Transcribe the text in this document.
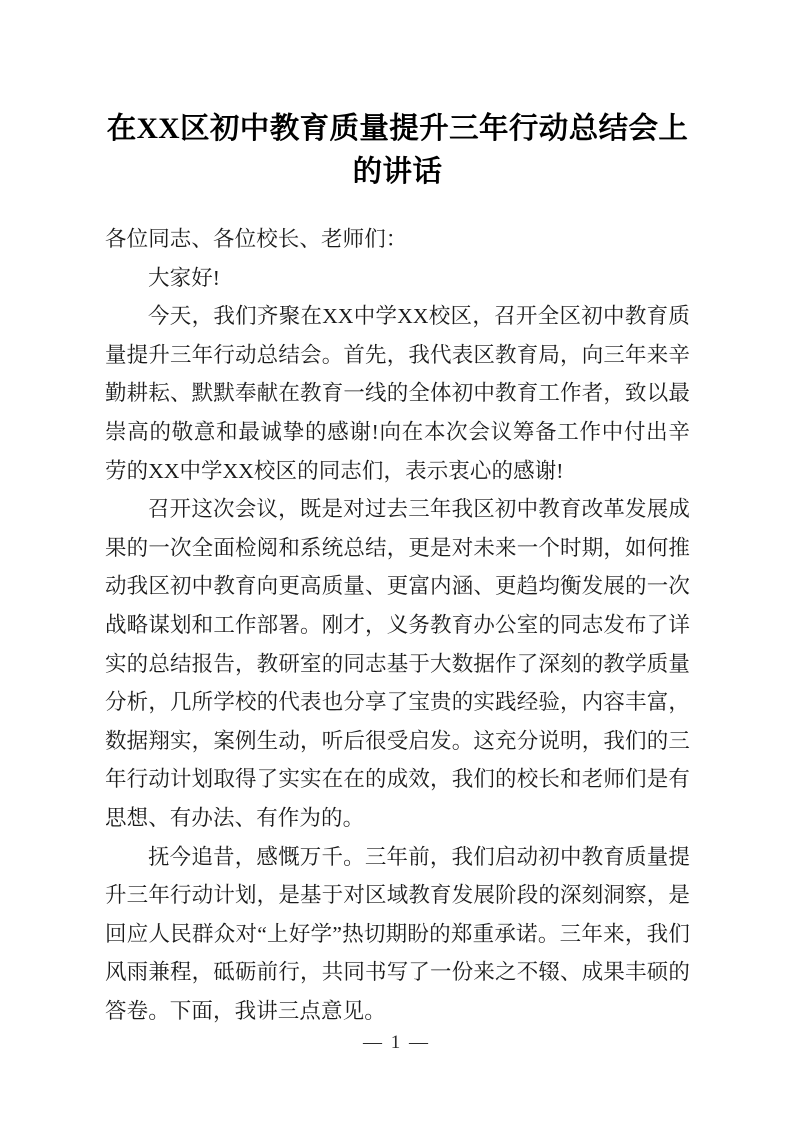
在XX区初中教育质量提升三年行动总结会上的讲话

各位同志、各位校长、老师们：

大家好!

今天，我们齐聚在XX中学XX校区，召开全区初中教育质量提升三年行动总结会。首先，我代表区教育局，向三年来辛勤耕耘、默默奉献在教育一线的全体初中教育工作者，致以最崇高的敬意和最诚挚的感谢!向在本次会议筹备工作中付出辛劳的XX中学XX校区的同志们，表示衷心的感谢!

召开这次会议，既是对过去三年我区初中教育改革发展成果的一次全面检阅和系统总结，更是对未来一个时期，如何推动我区初中教育向更高质量、更富内涵、更趋均衡发展的一次战略谋划和工作部署。刚才，义务教育办公室的同志发布了详实的总结报告，教研室的同志基于大数据作了深刻的教学质量分析，几所学校的代表也分享了宝贵的实践经验，内容丰富，数据翔实，案例生动，听后很受启发。这充分说明，我们的三年行动计划取得了实实在在的成效，我们的校长和老师们是有思想、有办法、有作为的。

抚今追昔，感慨万千。三年前，我们启动初中教育质量提升三年行动计划，是基于对区域教育发展阶段的深刻洞察，是回应人民群众对“上好学”热切期盼的郑重承诺。三年来，我们风雨兼程，砥砺前行，共同书写了一份来之不辍、成果丰硕的答卷。下面，我讲三点意见。

— 1 —
